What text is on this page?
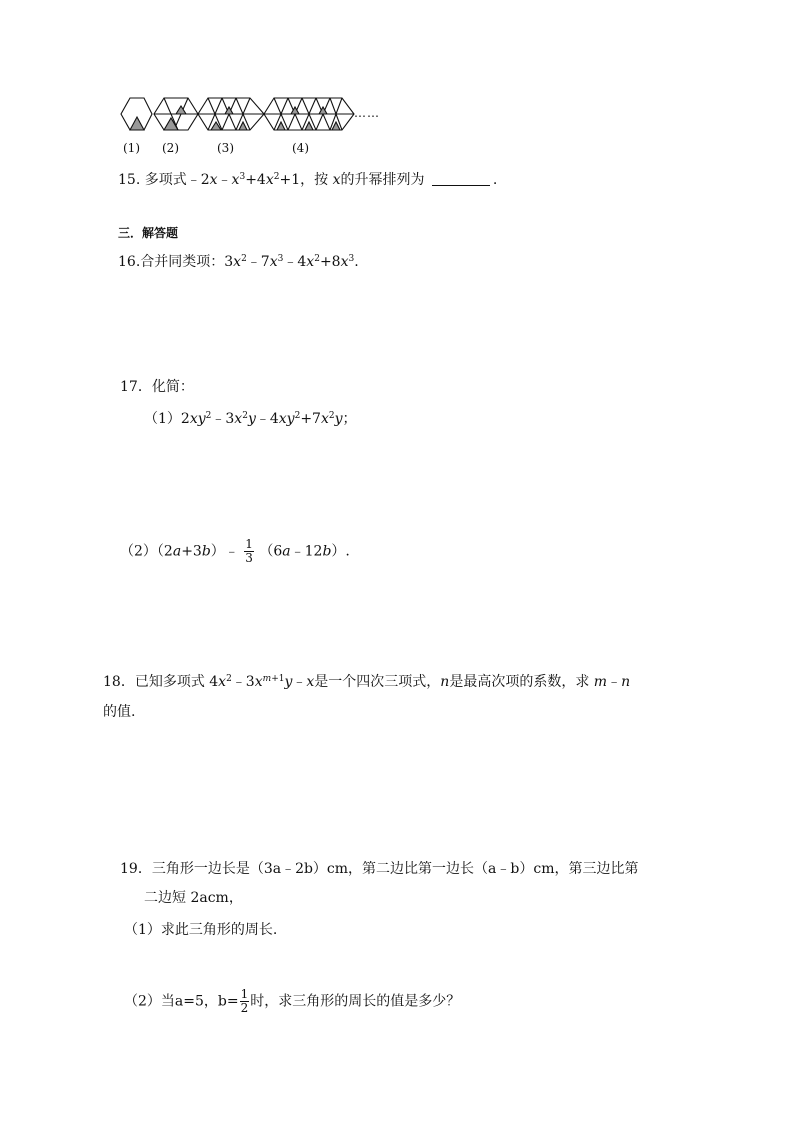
……
(1) (2)	(3)	(4)
15. 多项式$﹣2x﹣x^3+4x^2+1$，按 x的升幂排列为	.
三．解答题
16.合并同类项：$3x^2﹣7x^3﹣4x^2+8x^3$.
17．化简：
$(1)2xy^2﹣3x^2y﹣4xy^2+7x^2y$；
（2）（2a+3b）﹣ $\frac{1}{3}$ （6a﹣12b）.
18．已知多项式 $4x^2﹣3x^{m+1}y﹣x$是一个四次三项式，n是最高次项的系数，求 m﹣n
的值.
19．三角形一边长是（3a﹣2b）cm，第二边比第一边长（a﹣b）cm，第三边比第
二边短 2acm，
（1）求此三角形的周长.
（2）当a=5，$b= \frac{1}{2}$ 时，求三角形的周长的值是多少？
